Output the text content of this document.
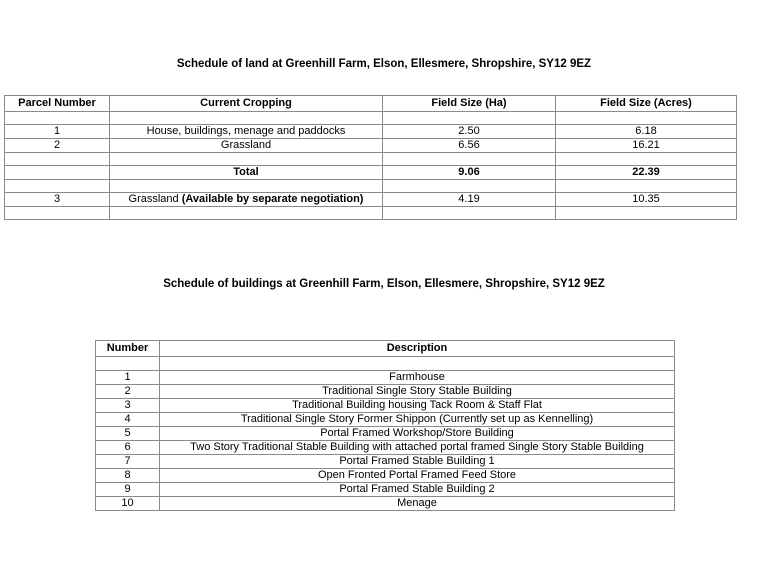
Schedule of land at Greenhill Farm, Elson, Ellesmere, Shropshire, SY12 9EZ
Parcel Number	Current Cropping	Field Size (Ha)	Field Size (Acres)

1	House, buildings, menage and paddocks	2.50	6.18
2	Grassland	6.56	16.21

	Total	9.06	22.39

3	Grassland (Available by separate negotiation)	4.19	10.35

Schedule of buildings at Greenhill Farm, Elson, Ellesmere, Shropshire, SY12 9EZ
Number	Description

1	Farmhouse
2	Traditional Single Story Stable Building
3	Traditional Building housing Tack Room & Staff Flat
4	Traditional Single Story Former Shippon (Currently set up as Kennelling)
5	Portal Framed Workshop/Store Building
6	Two Story Traditional Stable Building with attached portal framed Single Story Stable Building
7	Portal Framed Stable Building 1
8	Open Fronted Portal Framed Feed Store
9	Portal Framed Stable Building 2
10	Menage
